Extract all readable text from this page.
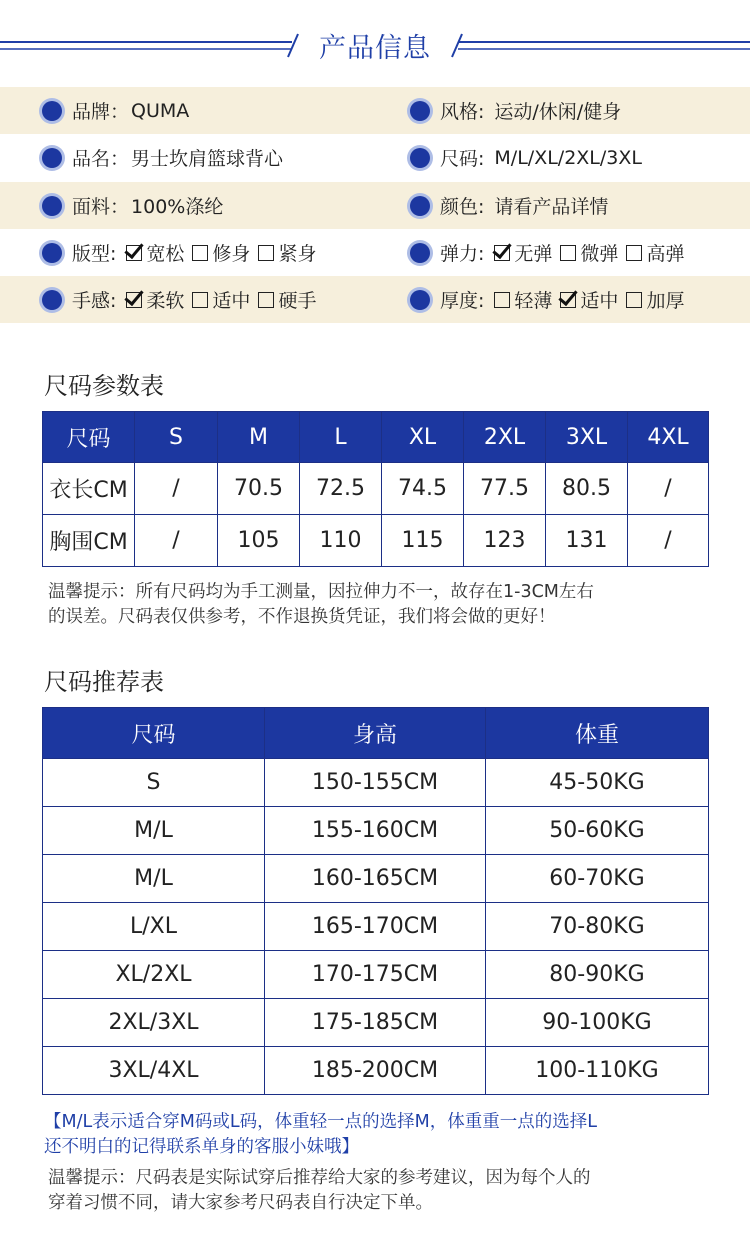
产品信息
品牌： QUMA	风格: 运动/休闲/健身
品名： 男士坎肩篮球背心	尺码: M/L/XL/2XL/3XL
面料： 100%涤纶	颜色: 请看产品详情
版型: 宽松 修身 紧身	弹力: 无弹 微弹 高弹
手感: 柔软 适中 硬手	厚度: 轻薄 适中 加厚
尺码参数表
尺码	S	M	L	XL	2XL	3XL	4XL
衣长CM	/	70.5	72.5	74.5	77.5	80.5	/
胸围CM	/	105	110	115	123	131	/
温馨提示：所有尺码均为手工测量，因拉伸力不一，故存在1-3CM左右
的误差。尺码表仅供参考，不作退换货凭证，我们将会做的更好！
尺码推荐表
尺码	身高	体重
S	150-155CM	45-50KG
M/L	155-160CM	50-60KG
M/L	160-165CM	60-70KG
L/XL	165-170CM	70-80KG
XL/2XL	170-175CM	80-90KG
2XL/3XL	175-185CM	90-100KG
3XL/4XL	185-200CM	100-110KG
【M/L表示适合穿M码或L码，体重轻一点的选择M，体重重一点的选择L
还不明白的记得联系单身的客服小妹哦】
温馨提示：尺码表是实际试穿后推荐给大家的参考建议，因为每个人的
穿着习惯不同，请大家参考尺码表自行决定下单。
